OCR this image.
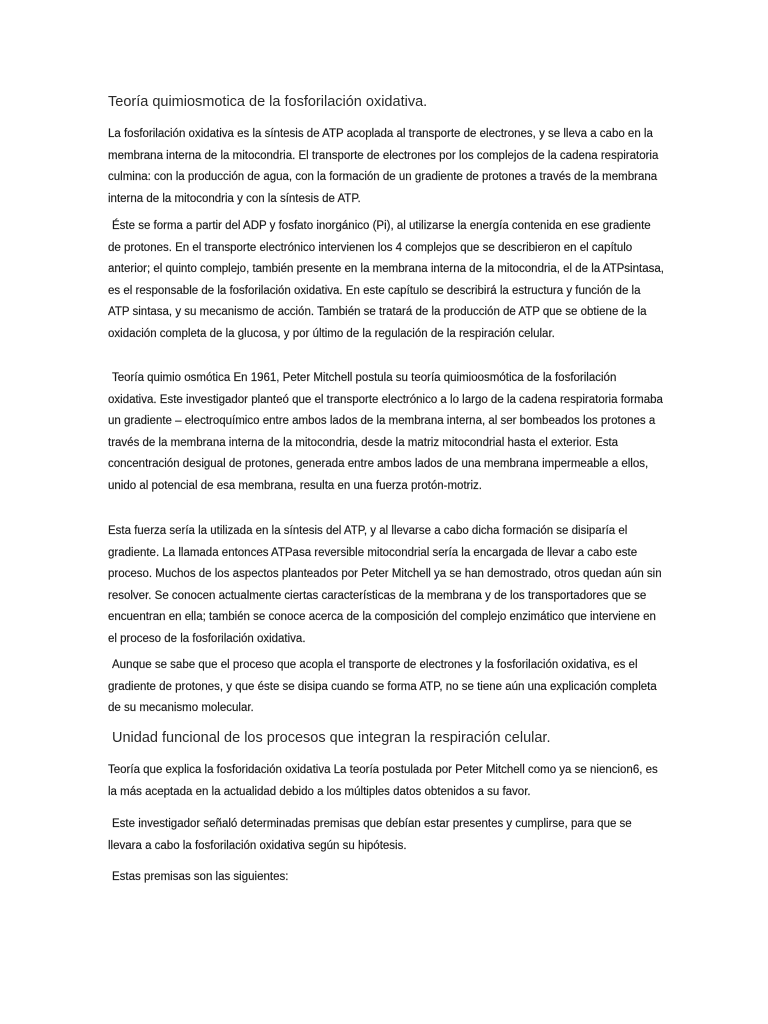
Teoría quimiosmotica de la fosforilación oxidativa.

La fosforilación oxidativa es la síntesis de ATP acoplada al transporte de electrones, y se lleva a cabo en la membrana interna de la mitocondria. El transporte de electrones por los complejos de la cadena respiratoria culmina: con la producción de agua, con la formación de un gradiente de protones a través de la membrana interna de la mitocondria y con la síntesis de ATP.

Éste se forma a partir del ADP y fosfato inorgánico (Pi), al utilizarse la energía contenida en ese gradiente de protones. En el transporte electrónico intervienen los 4 complejos que se describieron en el capítulo anterior; el quinto complejo, también presente en la membrana interna de la mitocondria, el de la ATPsintasa, es el responsable de la fosforilación oxidativa. En este capítulo se describirá la estructura y función de la ATP sintasa, y su mecanismo de acción. También se tratará de la producción de ATP que se obtiene de la oxidación completa de la glucosa, y por último de la regulación de la respiración celular.

Teoría quimio osmótica En 1961, Peter Mitchell postula su teoría quimioosmótica de la fosforilación oxidativa. Este investigador planteó que el transporte electrónico a lo largo de la cadena respiratoria formaba un gradiente – electroquímico entre ambos lados de la membrana interna, al ser bombeados los protones a través de la membrana interna de la mitocondria, desde la matriz mitocondrial hasta el exterior. Esta concentración desigual de protones, generada entre ambos lados de una membrana impermeable a ellos, unido al potencial de esa membrana, resulta en una fuerza protón-motriz.

Esta fuerza sería la utilizada en la síntesis del ATP, y al llevarse a cabo dicha formación se disiparía el gradiente. La llamada entonces ATPasa reversible mitocondrial sería la encargada de llevar a cabo este proceso. Muchos de los aspectos planteados por Peter Mitchell ya se han demostrado, otros quedan aún sin resolver. Se conocen actualmente ciertas características de la membrana y de los transportadores que se encuentran en ella; también se conoce acerca de la composición del complejo enzimático que interviene en el proceso de la fosforilación oxidativa.

Aunque se sabe que el proceso que acopla el transporte de electrones y la fosforilación oxidativa, es el gradiente de protones, y que éste se disipa cuando se forma ATP, no se tiene aún una explicación completa de su mecanismo molecular.

Unidad funcional de los procesos que integran la respiración celular.

Teoría que explica la fosforidación oxidativa La teoría postulada por Peter Mitchell como ya se niencion6, es la más aceptada en la actualidad debido a los múltiples datos obtenidos a su favor.

Este investigador señaló determinadas premisas que debían estar presentes y cumplirse, para que se llevara a cabo la fosforilación oxidativa según su hipótesis.

Estas premisas son las siguientes:
